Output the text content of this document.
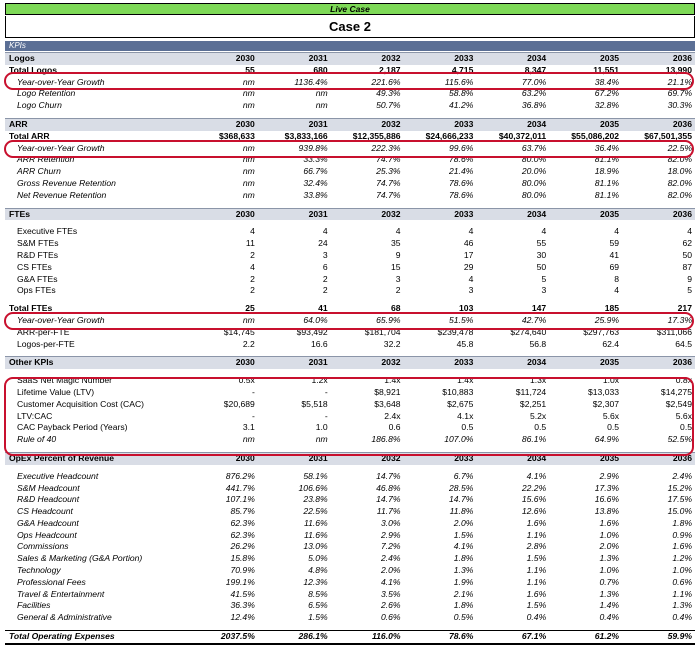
Live Case
Case 2
KPIs
Logos	2030	2031	2032	2033	2034	2035	2036
Total Logos	55	680	2,187	4,715	8,347	11,551	13,990
Year-over-Year Growth	nm	1136.4%	221.6%	115.6%	77.0%	38.4%	21.1%
Logo Retention	nm	nm	49.3%	58.8%	63.2%	67.2%	69.7%
Logo Churn	nm	nm	50.7%	41.2%	36.8%	32.8%	30.3%

ARR	2030	2031	2032	2033	2034	2035	2036
Total ARR	$368,633	$3,833,166	$12,355,886	$24,666,233	$40,372,011	$55,086,202	$67,501,355
Year-over-Year Growth	nm	939.8%	222.3%	99.6%	63.7%	36.4%	22.5%
ARR Retention	nm	33.3%	74.7%	78.6%	80.0%	81.1%	82.0%
ARR Churn	nm	66.7%	25.3%	21.4%	20.0%	18.9%	18.0%
Gross Revenue Retention	nm	32.4%	74.7%	78.6%	80.0%	81.1%	82.0%
Net Revenue Retention	nm	33.8%	74.7%	78.6%	80.0%	81.1%	82.0%

FTEs	2030	2031	2032	2033	2034	2035	2036

Executive FTEs	4	4	4	4	4	4	4
S&M FTEs	11	24	35	46	55	59	62
R&D FTEs	2	3	9	17	30	41	50
CS FTEs	4	6	15	29	50	69	87
G&A FTEs	2	2	3	4	5	8	9
Ops FTEs	2	2	2	3	3	4	5

Total FTEs	25	41	68	103	147	185	217
Year-over-Year Growth	nm	64.0%	65.9%	51.5%	42.7%	25.9%	17.3%
ARR-per-FTE	$14,745	$93,492	$181,704	$239,478	$274,640	$297,763	$311,066
Logos-per-FTE	2.2	16.6	32.2	45.8	56.8	62.4	64.5

Other KPIs	2030	2031	2032	2033	2034	2035	2036

SaaS Net Magic Number	0.5x	1.2x	1.4x	1.4x	1.3x	1.0x	0.8x
Lifetime Value (LTV)	-	-	$8,921	$10,883	$11,724	$13,033	$14,275
Customer Acquisition Cost (CAC)	$20,689	$5,518	$3,648	$2,675	$2,251	$2,307	$2,549
LTV:CAC	-	-	2.4x	4.1x	5.2x	5.6x	5.6x
CAC Payback Period (Years)	3.1	1.0	0.6	0.5	0.5	0.5	0.5
Rule of 40	nm	nm	186.8%	107.0%	86.1%	64.9%	52.5%

OpEx Percent of Revenue	2030	2031	2032	2033	2034	2035	2036

Executive Headcount	876.2%	58.1%	14.7%	6.7%	4.1%	2.9%	2.4%
S&M Headcount	441.7%	106.6%	46.8%	28.5%	22.2%	17.3%	15.2%
R&D Headcount	107.1%	23.8%	14.7%	14.7%	15.6%	16.6%	17.5%
CS Headcount	85.7%	22.5%	11.7%	11.8%	12.6%	13.8%	15.0%
G&A Headcount	62.3%	11.6%	3.0%	2.0%	1.6%	1.6%	1.8%
Ops Headcount	62.3%	11.6%	2.9%	1.5%	1.1%	1.0%	0.9%
Commissions	26.2%	13.0%	7.2%	4.1%	2.8%	2.0%	1.6%
Sales & Marketing (G&A Portion)	15.8%	5.0%	2.4%	1.8%	1.5%	1.3%	1.2%
Technology	70.9%	4.8%	2.0%	1.3%	1.1%	1.0%	1.0%
Professional Fees	199.1%	12.3%	4.1%	1.9%	1.1%	0.7%	0.6%
Travel & Entertainment	41.5%	8.5%	3.5%	2.1%	1.6%	1.3%	1.1%
Facilities	36.3%	6.5%	2.6%	1.8%	1.5%	1.4%	1.3%
General & Administrative	12.4%	1.5%	0.6%	0.5%	0.4%	0.4%	0.4%

Total Operating Expenses	2037.5%	286.1%	116.0%	78.6%	67.1%	61.2%	59.9%
